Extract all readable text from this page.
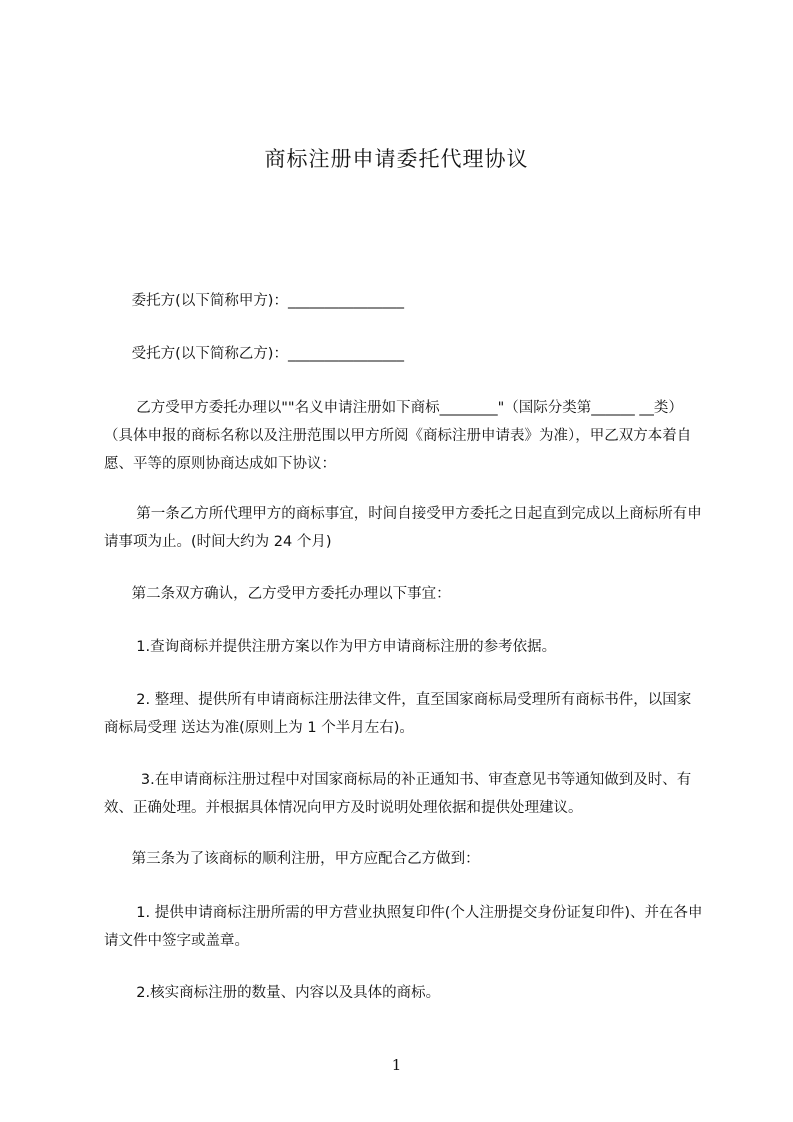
商标注册申请委托代理协议

委托方(以下简称甲方)：________________

受托方(以下简称乙方)：________________

乙方受甲方委托办理以""名义申请注册如下商标________"（国际分类第______ __类）（具体申报的商标名称以及注册范围以甲方所阅《商标注册申请表》为准），甲乙双方本着自愿、平等的原则协商达成如下协议：

第一条乙方所代理甲方的商标事宜，时间自接受甲方委托之日起直到完成以上商标所有申请事项为止。(时间大约为 24 个月)

第二条双方确认，乙方受甲方委托办理以下事宜：

1.查询商标并提供注册方案以作为甲方申请商标注册的参考依据。

2. 整理、提供所有申请商标注册法律文件，直至国家商标局受理所有商标书件，以国家商标局受理 送达为准(原则上为 1 个半月左右)。

3.在申请商标注册过程中对国家商标局的补正通知书、审查意见书等通知做到及时、有效、正确处理。并根据具体情况向甲方及时说明处理依据和提供处理建议。

第三条为了该商标的顺利注册，甲方应配合乙方做到：

1. 提供申请商标注册所需的甲方营业执照复印件(个人注册提交身份证复印件)、并在各申请文件中签字或盖章。

2.核实商标注册的数量、内容以及具体的商标。

1
